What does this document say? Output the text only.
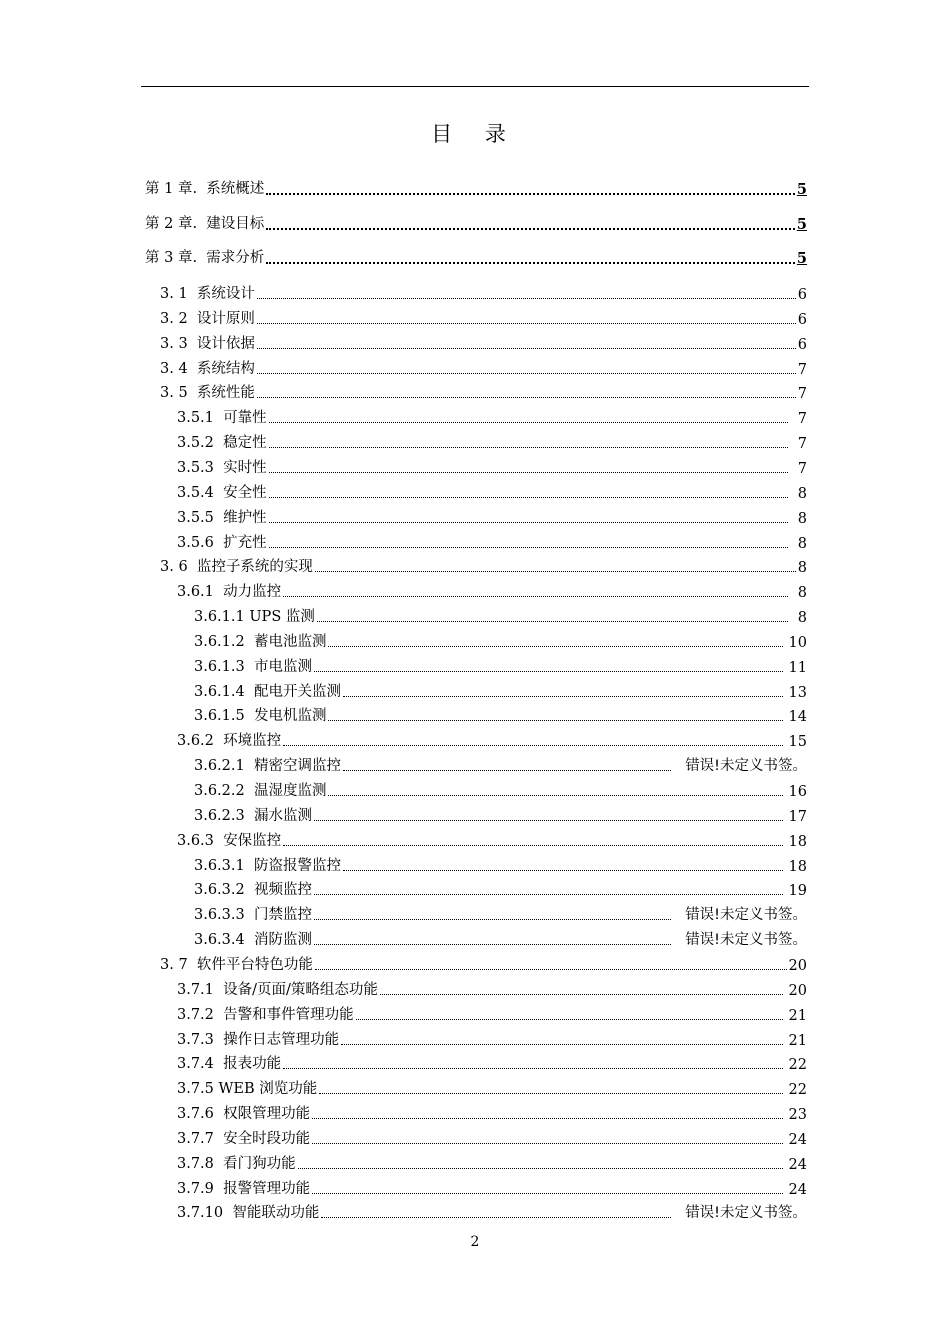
目 录
第 1 章.  系统概述	5
第 2 章.  建设目标	5
第 3 章.  需求分析	5
3. 1  系统设计	6
3. 2  设计原则	6
3. 3  设计依据	6
3. 4  系统结构	7
3. 5  系统性能	7
3.5.1  可靠性	7
3.5.2  稳定性	7
3.5.3  实时性	7
3.5.4  安全性	8
3.5.5  维护性	8
3.5.6  扩充性	8
3. 6  监控子系统的实现	8
3.6.1  动力监控	8
3.6.1.1 UPS 监测	8
3.6.1.2  蓄电池监测	10
3.6.1.3  市电监测	11
3.6.1.4  配电开关监测	13
3.6.1.5  发电机监测	14
3.6.2  环境监控	15
3.6.2.1  精密空调监控	错误!未定义书签。
3.6.2.2  温湿度监测	16
3.6.2.3  漏水监测	17
3.6.3  安保监控	18
3.6.3.1  防盗报警监控	18
3.6.3.2  视频监控	19
3.6.3.3  门禁监控	错误!未定义书签。
3.6.3.4  消防监测	错误!未定义书签。
3. 7  软件平台特色功能	20
3.7.1  设备/页面/策略组态功能	20
3.7.2  告警和事件管理功能	21
3.7.3  操作日志管理功能	21
3.7.4  报表功能	22
3.7.5 WEB 浏览功能	22
3.7.6  权限管理功能	23
3.7.7  安全时段功能	24
3.7.8  看门狗功能	24
3.7.9  报警管理功能	24
3.7.10  智能联动功能	错误!未定义书签。
2
